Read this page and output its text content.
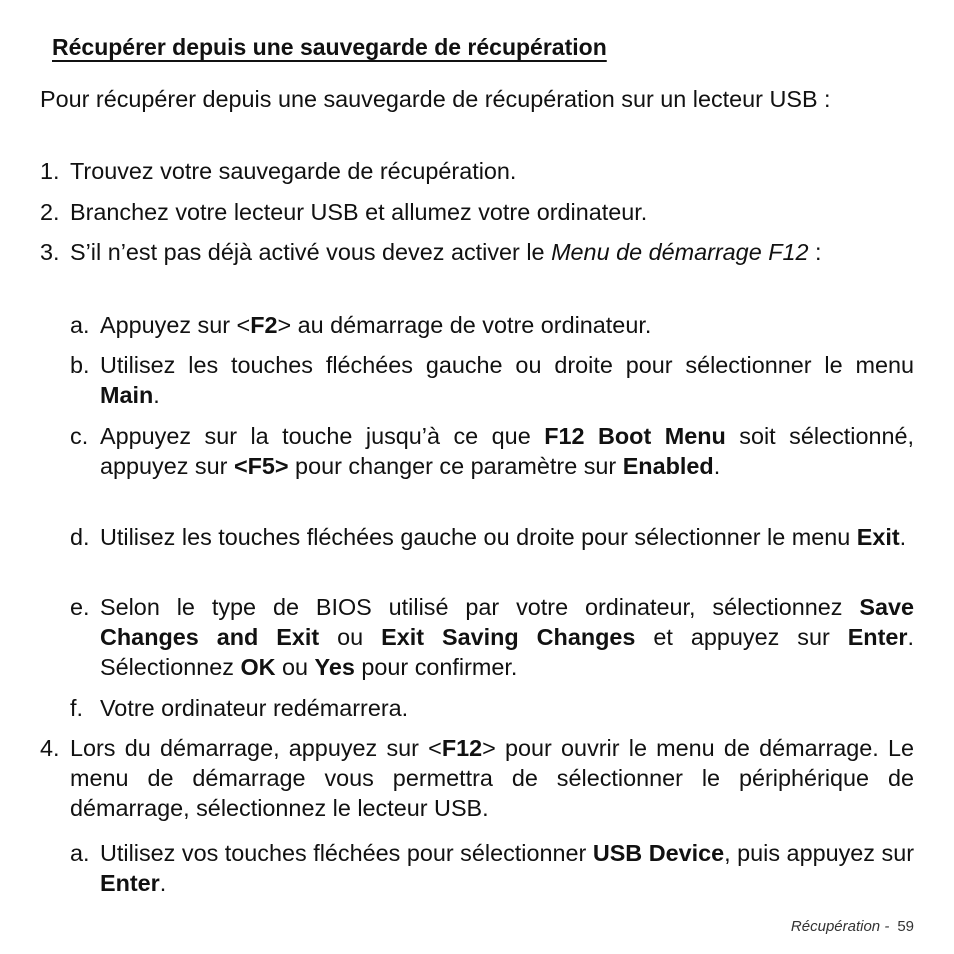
Récupérer depuis une sauvegarde de récupération
Pour récupérer depuis une sauvegarde de récupération sur un lecteur USB :
1. Trouvez votre sauvegarde de récupération.
2. Branchez votre lecteur USB et allumez votre ordinateur.
3. S’il n’est pas déjà activé vous devez activer le Menu de démarrage F12 :
a. Appuyez sur <F2> au démarrage de votre ordinateur.
b. Utilisez les touches fléchées gauche ou droite pour sélectionner le menu Main.
c. Appuyez sur la touche jusqu’à ce que F12 Boot Menu soit sélectionné, appuyez sur <F5> pour changer ce paramètre sur Enabled.
d. Utilisez les touches fléchées gauche ou droite pour sélectionner le menu Exit.
e. Selon le type de BIOS utilisé par votre ordinateur, sélectionnez Save Changes and Exit ou Exit Saving Changes et appuyez sur Enter. Sélectionnez OK ou Yes pour confirmer.
f. Votre ordinateur redémarrera.
4. Lors du démarrage, appuyez sur <F12> pour ouvrir le menu de démarrage. Le menu de démarrage vous permettra de sélectionner le périphérique de démarrage, sélectionnez le lecteur USB.
a. Utilisez vos touches fléchées pour sélectionner USB Device, puis appuyez sur Enter.
Récupération - 59
